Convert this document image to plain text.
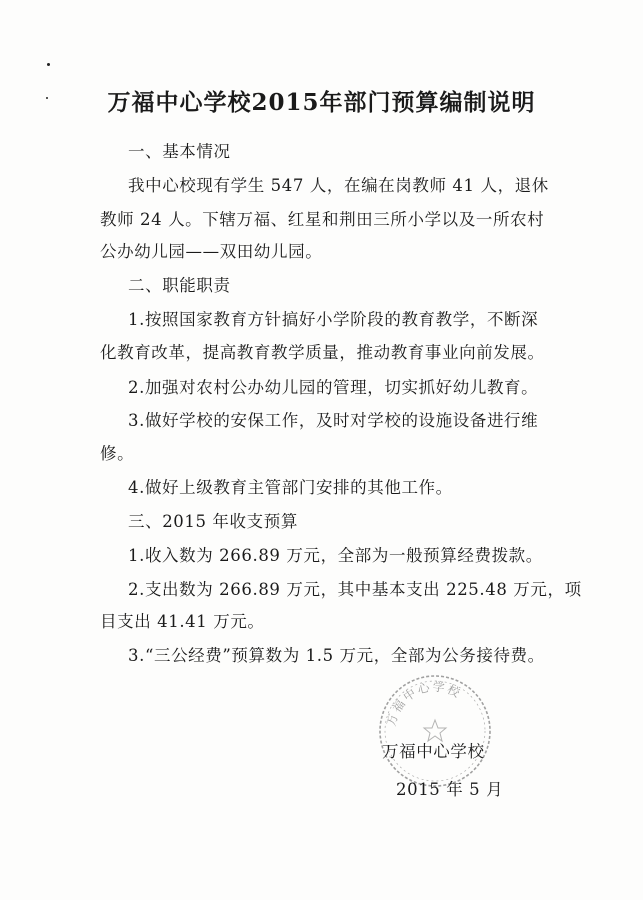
万福中心学校2015年部门预算编制说明
一、基本情况
我中心校现有学生 547 人，在编在岗教师 41 人，退休
教师 24 人。下辖万福、红星和荆田三所小学以及一所农村
公办幼儿园——双田幼儿园。
二、职能职责
1.按照国家教育方针搞好小学阶段的教育教学，不断深
化教育改革，提高教育教学质量，推动教育事业向前发展。
2.加强对农村公办幼儿园的管理，切实抓好幼儿教育。
3.做好学校的安保工作，及时对学校的设施设备进行维
修。
4.做好上级教育主管部门安排的其他工作。
三、2015 年收支预算
1.收入数为 266.89 万元，全部为一般预算经费拨款。
2.支出数为 266.89 万元，其中基本支出 225.48 万元，项
目支出 41.41 万元。
3.“三公经费”预算数为 1.5 万元，全部为公务接待费。
万福中心学校
万福中心学校
2015 年 5 月
